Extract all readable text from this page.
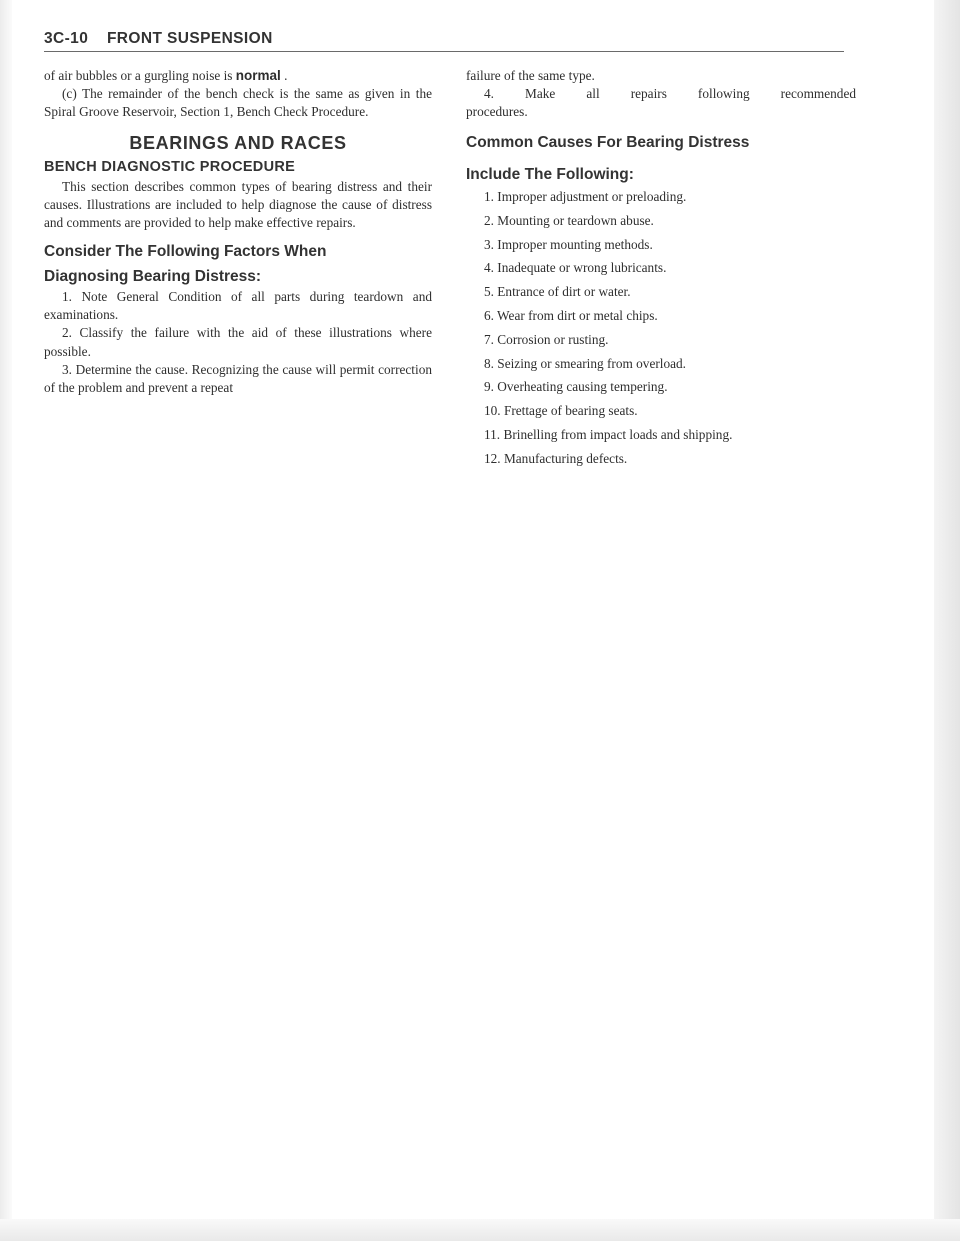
3C-10 FRONT SUSPENSION

of air bubbles or a gurgling noise is normal .

(c) The remainder of the bench check is the same as given in the Spiral Groove Reservoir, Section 1, Bench Check Procedure.

BEARINGS AND RACES
BENCH DIAGNOSTIC PROCEDURE

This section describes common types of bearing distress and their causes. Illustrations are included to help diagnose the cause of distress and comments are provided to help make effective repairs.

Consider The Following Factors When
Diagnosing Bearing Distress:

1. Note General Condition of all parts during teardown and examinations.

2. Classify the failure with the aid of these illustrations where possible.

3. Determine the cause. Recognizing the cause will permit correction of the problem and prevent a repeat

failure of the same type.

4. Make all repairs following recommended procedures.

Common Causes For Bearing Distress
Include The Following:
1. Improper adjustment or preloading.
2. Mounting or teardown abuse.
3. Improper mounting methods.
4. Inadequate or wrong lubricants.
5. Entrance of dirt or water.
6. Wear from dirt or metal chips.
7. Corrosion or rusting.
8. Seizing or smearing from overload.
9. Overheating causing tempering.
10. Frettage of bearing seats.
11. Brinelling from impact loads and shipping.
12. Manufacturing defects.
